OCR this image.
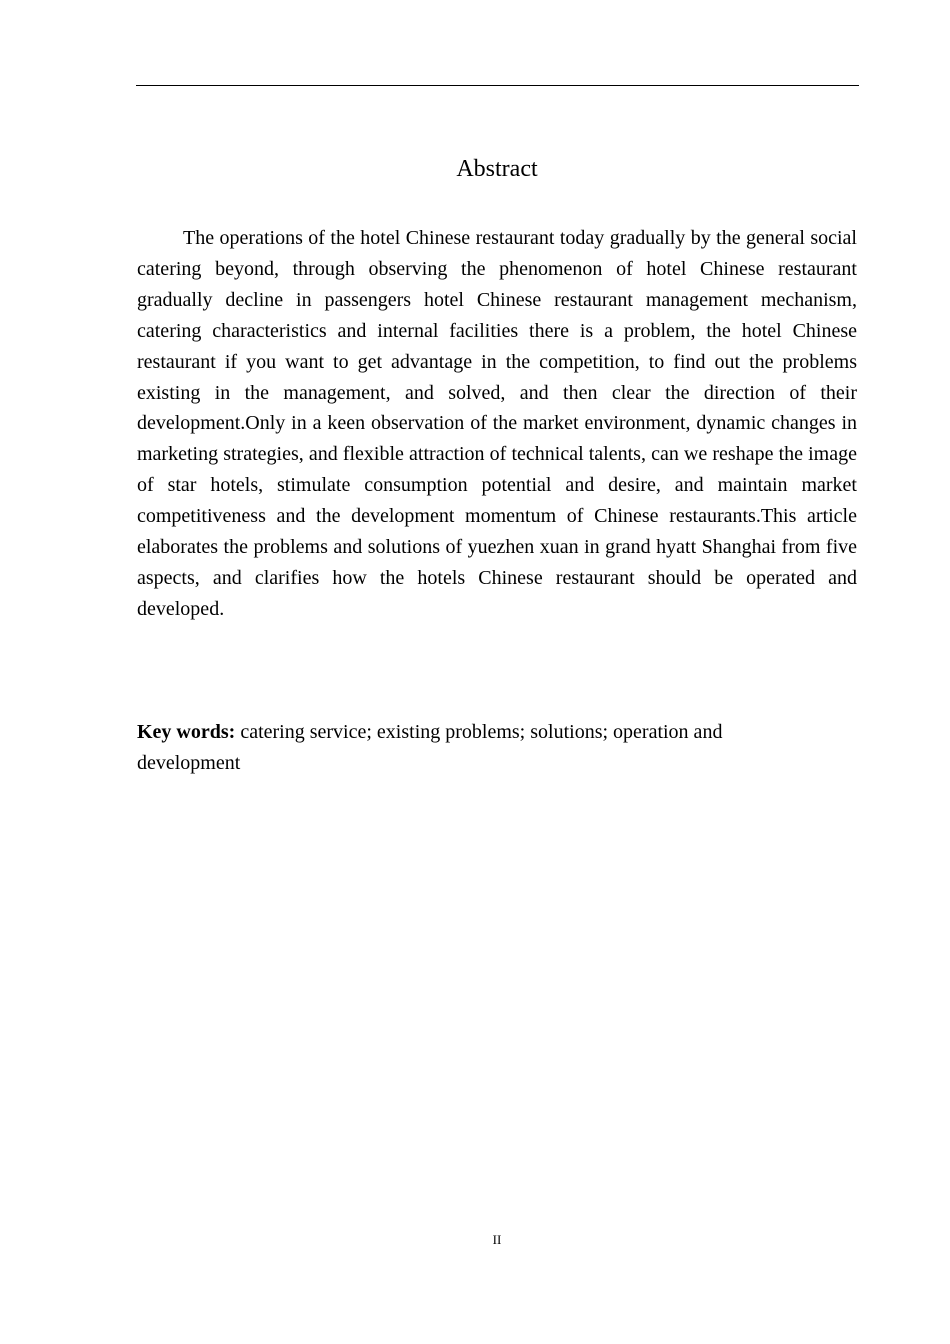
Abstract

The operations of the hotel Chinese restaurant today gradually by the general social catering beyond, through observing the phenomenon of hotel Chinese restaurant gradually decline in passengers hotel Chinese restaurant management mechanism, catering characteristics and internal facilities there is a problem, the hotel Chinese restaurant if you want to get advantage in the competition, to find out the problems existing in the management, and solved, and then clear the direction of their development.Only in a keen observation of the market environment, dynamic changes in marketing strategies, and flexible attraction of technical talents, can we reshape the image of star hotels, stimulate consumption potential and desire, and maintain market competitiveness and the development momentum of Chinese restaurants.This article elaborates the problems and solutions of yuezhen xuan in grand hyatt Shanghai from five aspects, and clarifies how the hotels Chinese restaurant should be operated and developed.

Key words: catering service; existing problems; solutions; operation and development

II
